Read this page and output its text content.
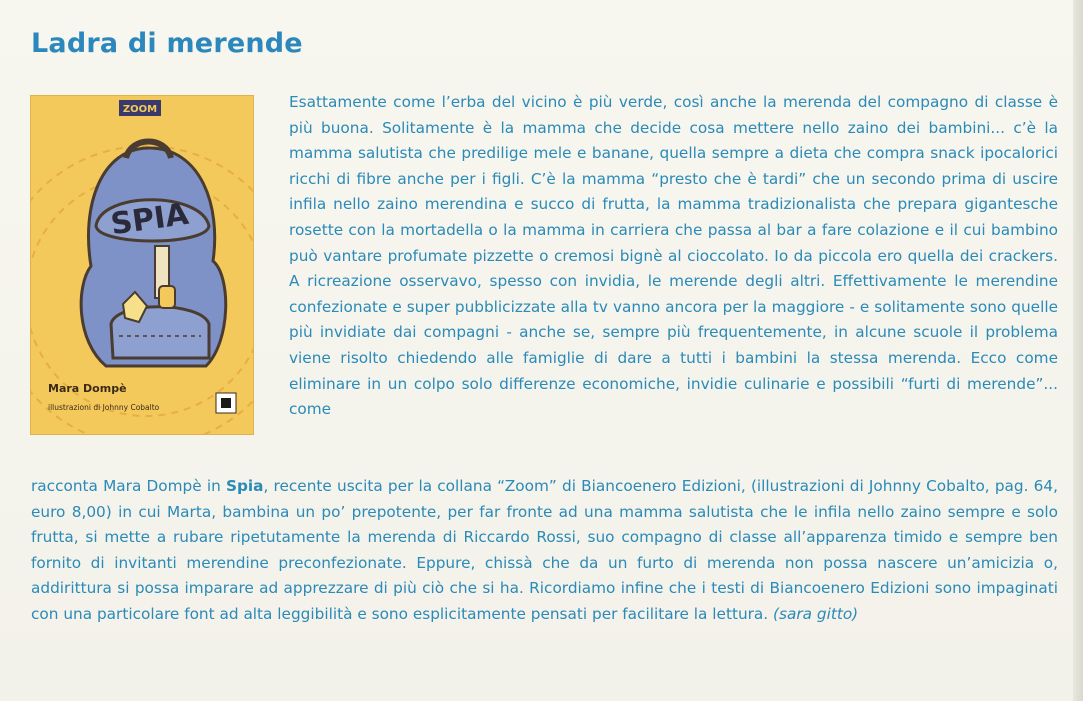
Ladra di merende
ZOOM
SPIA
Mara Dompè
illustrazioni di Johnny Cobalto

Esattamente come l’erba del vicino è più verde, così anche la merenda del compagno di classe è più buona. Solitamente è la mamma che decide cosa mettere nello zaino dei bambini... c’è la mamma salutista che predilige mele e banane, quella sempre a dieta che compra snack ipocalorici ricchi di fibre anche per i figli. C’è la mamma “presto che è tardi” che un secondo prima di uscire infila nello zaino merendina e succo di frutta, la mamma tradizionalista che prepara gigantesche rosette con la mortadella o la mamma in carriera che passa al bar a fare colazione e il cui bambino può vantare profumate pizzette o cremosi bignè al cioccolato. Io da piccola ero quella dei crackers. A ricreazione osservavo, spesso con invidia, le merende degli altri. Effettivamente le merendine confezionate e super pubblicizzate alla tv vanno ancora per la maggiore - e solitamente sono quelle più invidiate dai compagni - anche se, sempre più frequentemente, in alcune scuole il problema viene risolto chiedendo alle famiglie di dare a tutti i bambini la stessa merenda. Ecco come eliminare in un colpo solo differenze economiche, invidie culinarie e possibili “furti di merende”... come

racconta Mara Dompè in Spia, recente uscita per la collana “Zoom” di Biancoenero Edizioni, (illustrazioni di Johnny Cobalto, pag. 64, euro 8,00) in cui Marta, bambina un po’ prepotente, per far fronte ad una mamma salutista che le infila nello zaino sempre e solo frutta, si mette a rubare ripetutamente la merenda di Riccardo Rossi, suo compagno di classe all’apparenza timido e sempre ben fornito di invitanti merendine preconfezionate. Eppure, chissà che da un furto di merenda non possa nascere un’amicizia o, addirittura si possa imparare ad apprezzare di più ciò che si ha. Ricordiamo infine che i testi di Biancoenero Edizioni sono impaginati con una particolare font ad alta leggibilità e sono esplicitamente pensati per facilitare la lettura. (sara gitto)
